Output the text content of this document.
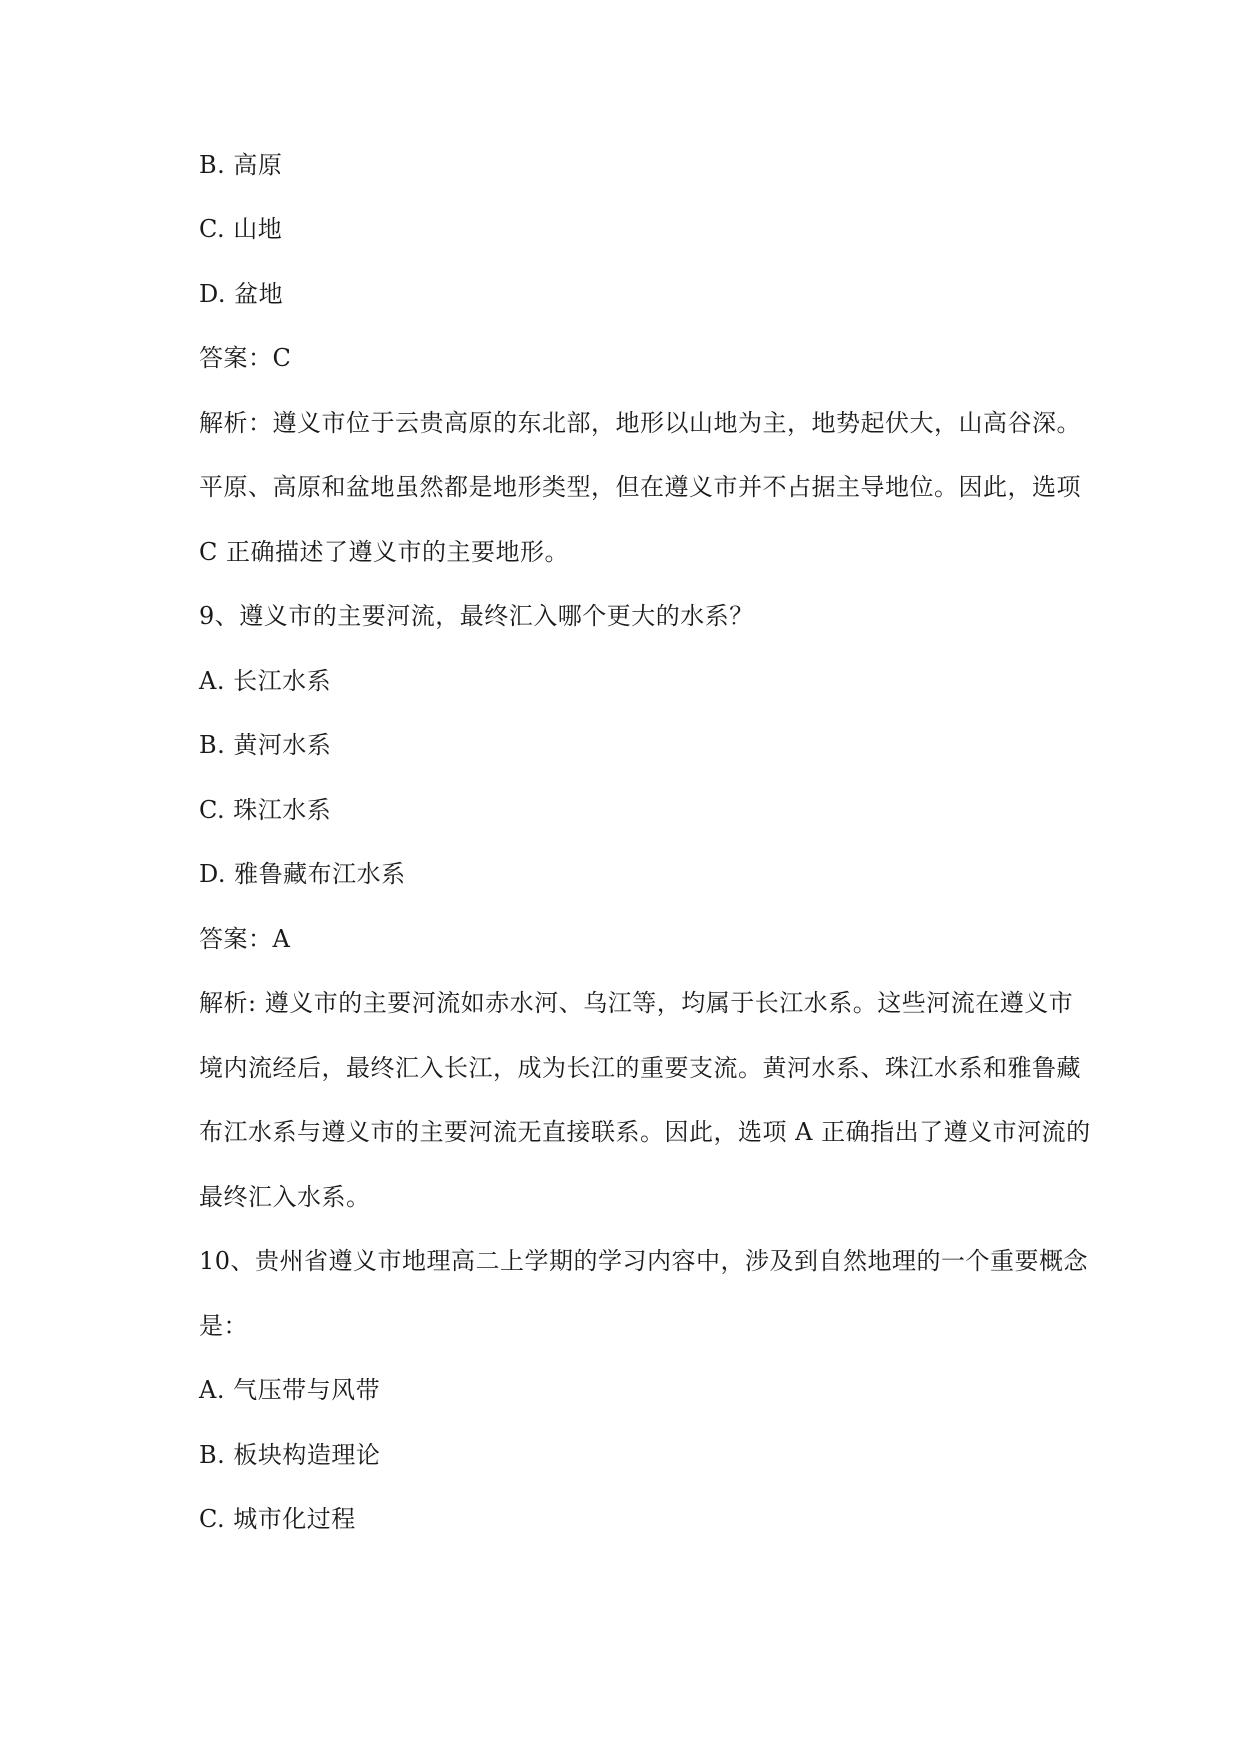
B. 高原

C. 山地

D. 盆地

答案：C

解析：遵义市位于云贵高原的东北部，地形以山地为主，地势起伏大，山高谷深。

平原、高原和盆地虽然都是地形类型，但在遵义市并不占据主导地位。因此，选项

C 正确描述了遵义市的主要地形。

9、遵义市的主要河流，最终汇入哪个更大的水系？

A. 长江水系

B. 黄河水系

C. 珠江水系

D. 雅鲁藏布江水系

答案：A

解析: 遵义市的主要河流如赤水河、乌江等，均属于长江水系。这些河流在遵义市

境内流经后，最终汇入长江，成为长江的重要支流。黄河水系、珠江水系和雅鲁藏

布江水系与遵义市的主要河流无直接联系。因此，选项 A 正确指出了遵义市河流的

最终汇入水系。

10、贵州省遵义市地理高二上学期的学习内容中，涉及到自然地理的一个重要概念

是：

A. 气压带与风带

B. 板块构造理论

C. 城市化过程
